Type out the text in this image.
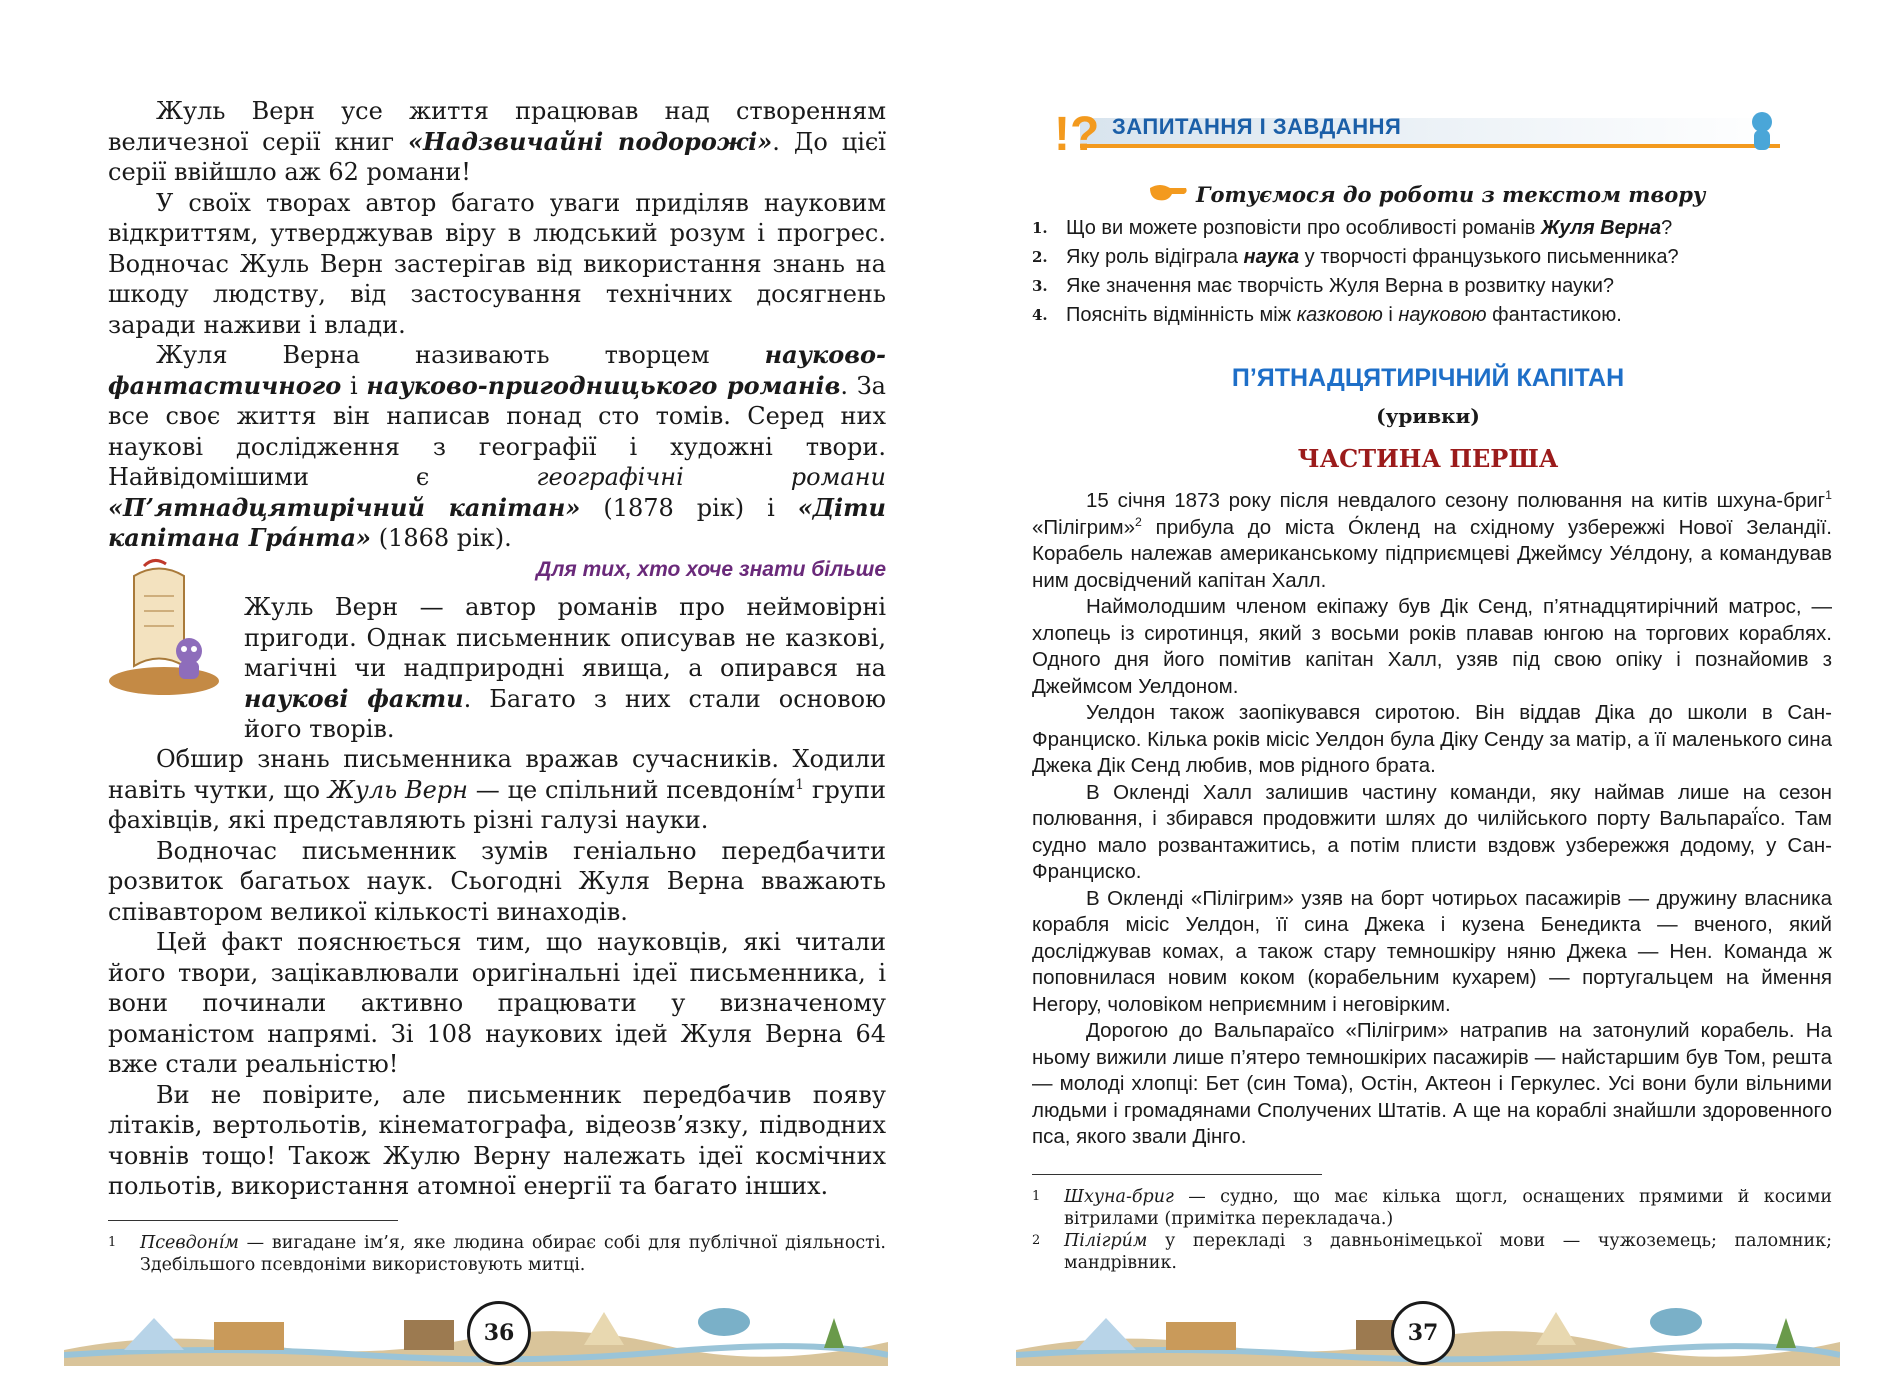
Жуль Верн усе життя працював над створенням величезної серії книг «Надзвичайні подорожі». До цієї серії ввійшло аж 62 романи!

У своїх творах автор багато уваги приділяв науковим відкриттям, утверджував віру в людський розум і прогрес. Водночас Жуль Верн застерігав від використання знань на шкоду людству, від застосування технічних досягнень заради наживи і влади.

Жуля Верна називають творцем науково-фантастичного і науково-пригодницького романів. За все своє життя він написав понад сто томів. Серед них наукові дослідження з географії і художні твори. Найвідомішими є географічні романи «П’ятнадцятирічний капітан» (1878 рік) і «Діти капітана Гра́нта» (1868 рік).

Для тих, хто хоче знати більше

Жуль Верн — автор романів про неймовірні пригоди. Однак письменник описував не казкові, магічні чи надприродні явища, а опирався на наукові факти. Багато з них стали основою його творів.

Обшир знань письменника вражав сучасників. Ходили навіть чутки, що Жуль Верн — це спільний $псевдоні́м^1$ групи фахівців, які представляють різні галузі науки.

Водночас письменник зумів геніально передбачити розвиток багатьох наук. Сьогодні Жуля Верна вважають співавтором великої кількості винаходів.

Цей факт пояснюється тим, що науковців, які читали його твори, зацікавлювали оригінальні ідеї письменника, і вони починали активно працювати у визначеному романістом напрямі. Зі 108 наукових ідей Жуля Верна 64 вже стали реальністю!

Ви не повірите, але письменник передбачив появу літаків, вертольотів, кінематографа, відеозв’язку, підводних човнів тощо! Також Жулю Верну належать ідеї космічних польотів, використання атомної енергії та багато інших.

1 Псевдоні́м — вигадане ім’я, яке людина обирає собі для публічної діяльності. Здебільшого псевдоніми використовують митці.
36
!? ЗАПИТАННЯ І ЗАВДАННЯ
Готуємося до роботи з текстом твору
1. Що ви можете розповісти про особливості романів Жуля Верна?
2. Яку роль відіграла наука у творчості французького письменника?
3. Яке значення має творчість Жуля Верна в розвитку науки?
4. Поясніть відмінність між казковою і науковою фантастикою.
П’ЯТНАДЦЯТИРІЧНИЙ КАПІТАН
(уривки)
ЧАСТИНА ПЕРША

15 січня 1873 року після невдалого сезону полювання на китів шхуна-бриг$^1$ «Пілігрим»$^2$ прибула до міста О́кленд на східному узбережжі Нової Зеландії. Корабель належав американському підприємцеві Джеймсу Уе́лдону, а командував ним досвідчений капітан Халл.

Наймолодшим членом екіпажу був Дік Сенд, п’ятнадцятирічний матрос, — хлопець із сиротинця, який з восьми років плавав юнгою на торгових кораблях. Одного дня його помітив капітан Халл, узяв під свою опіку і познайомив з Джеймсом Уелдоном.

Уелдон також заопікувався сиротою. Він віддав Діка до школи в Сан-Франциско. Кілька років місіс Уелдон була Діку Сенду за матір, а її маленького сина Джека Дік Сенд любив, мов рідного брата.

В Окленді Халл залишив частину команди, яку наймав лише на сезон полювання, і збирався продовжити шлях до чилійського порту Вальпараї́со. Там судно мало розвантажитись, а потім плисти вздовж узбережжя додому, у Сан-Франциско.

В Окленді «Пілігрим» узяв на борт чотирьох пасажирів — дружину власника корабля місіс Уелдон, її сина Джека і кузена Бенедикта — вченого, який досліджував комах, а також стару темношкіру няню Джека — Нен. Команда ж поповнилася новим коком (корабельним кухарем) — португальцем на ймення Негору, чоловіком неприємним і неговірким.

Дорогою до Вальпараїсо «Пілігрим» натрапив на затонулий корабель. На ньому вижили лише п’ятеро темношкірих пасажирів — найстаршим був Том, решта — молоді хлопці: Бет (син Тома), Остін, Актеон і Геркулес. Усі вони були вільними людьми і громадянами Сполучених Штатів. А ще на кораблі знайшли здоровенного пса, якого звали Дінго.

1 Шхуна-бриг — судно, що має кілька щогл, оснащених прямими й косими вітрилами (примітка перекладача.)
2 Пілігри́м у перекладі з давньонімецької мови — чужоземець; паломник; мандрівник.
37
